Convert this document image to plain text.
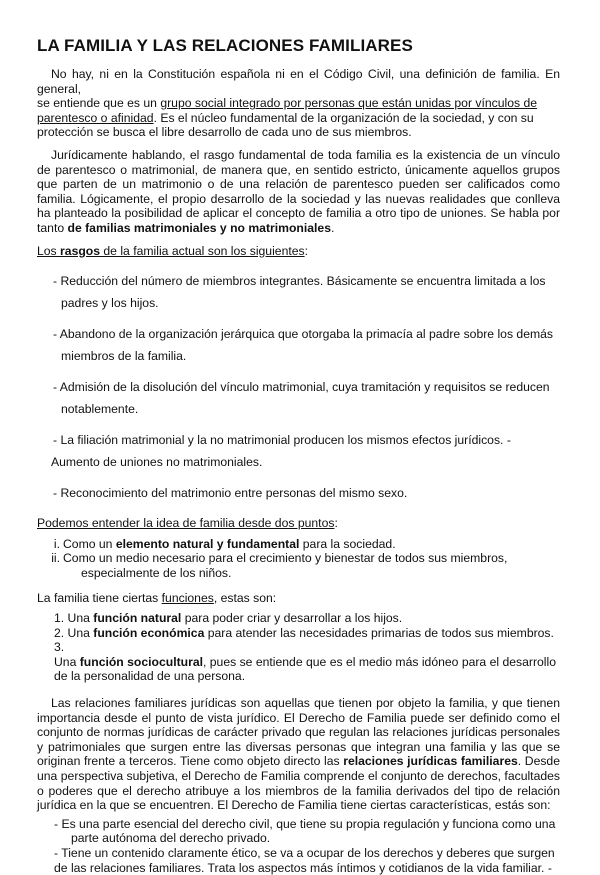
LA FAMILIA Y LAS RELACIONES FAMILIARES

No hay, ni en la Constitución española ni en el Código Civil, una definición de familia. En general,
se entiende que es un grupo social integrado por personas que están unidas por vínculos de
parentesco o afinidad. Es el núcleo fundamental de la organización de la sociedad, y con su
protección se busca el libre desarrollo de cada uno de sus miembros.

Jurídicamente hablando, el rasgo fundamental de toda familia es la existencia de un vínculo de parentesco o matrimonial, de manera que, en sentido estricto, únicamente aquellos grupos que parten de un matrimonio o de una relación de parentesco pueden ser calificados como familia. Lógicamente, el propio desarrollo de la sociedad y las nuevas realidades que conlleva ha planteado la posibilidad de aplicar el concepto de familia a otro tipo de uniones. Se habla por tanto de familias matrimoniales y no matrimoniales.

Los rasgos de la familia actual son los siguientes:

- Reducción del número de miembros integrantes. Básicamente se encuentra limitada a los padres y los hijos.
- Abandono de la organización jerárquica que otorgaba la primacía al padre sobre los demás miembros de la familia.
- Admisión de la disolución del vínculo matrimonial, cuya tramitación y requisitos se reducen notablemente.
- La filiación matrimonial y la no matrimonial producen los mismos efectos jurídicos. -
Aumento de uniones no matrimoniales.
- Reconocimiento del matrimonio entre personas del mismo sexo.

Podemos entender la idea de familia desde dos puntos:

i. Como un elemento natural y fundamental para la sociedad.
ii. Como un medio necesario para el crecimiento y bienestar de todos sus miembros,
especialmente de los niños.

La familia tiene ciertas funciones, estas son:

1. Una función natural para poder criar y desarrollar a los hijos.
2. Una función económica para atender las necesidades primarias de todos sus miembros. 3.
Una función sociocultural, pues se entiende que es el medio más idóneo para el desarrollo
de la personalidad de una persona.

Las relaciones familiares jurídicas son aquellas que tienen por objeto la familia, y que tienen importancia desde el punto de vista jurídico. El Derecho de Familia puede ser definido como el conjunto de normas jurídicas de carácter privado que regulan las relaciones jurídicas personales y patrimoniales que surgen entre las diversas personas que integran una familia y las que se originan frente a terceros. Tiene como objeto directo las relaciones jurídicas familiares. Desde una perspectiva subjetiva, el Derecho de Familia comprende el conjunto de derechos, facultades o poderes que el derecho atribuye a los miembros de la familia derivados del tipo de relación jurídica en la que se encuentren. El Derecho de Familia tiene ciertas características, estás son:

- Es una parte esencial del derecho civil, que tiene su propia regulación y funciona como una
parte autónoma del derecho privado.
- Tiene un contenido claramente ético, se va a ocupar de los derechos y deberes que surgen
de las relaciones familiares. Trata los aspectos más íntimos y cotidianos de la vida familiar. -
